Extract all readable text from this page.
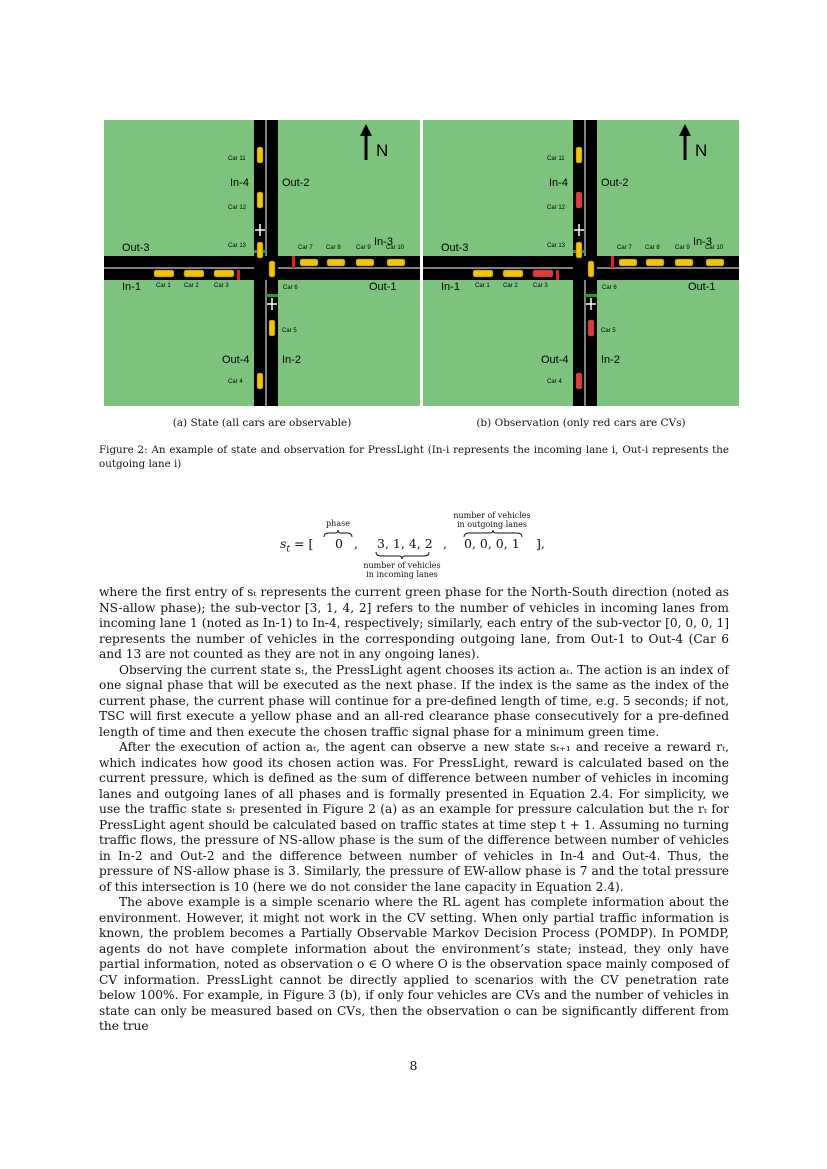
N
In-4	Out-2
Out-3	In-3
In-1	Out-1
Out-4	In-2
Car 11
Car 12
Car 13
Car 6
Car 5
Car 4
Car 1 Car 2	Car 3
Car 7 Car 8	Car 9	Car 10
N
In-4	Out-2
Out-3	In-3
In-1	Out-1
Out-4	In-2
Car 11
Car 12
Car 13
Car 6
Car 5
Car 4
Car 1 Car 2	Car 3
Car 7 Car 8	Car 9	Car 10
(a) State (all cars are observable)	(b) Observation (only red cars are CVs)
Figure 2: An example of state and observation for PressLight (In-i represents the incoming lane i, Out-i represents the outgoing lane i)
phase
number of vehicles
in outgoing lanes
$s_t$ = [ 0 , 3, 1, 4, 2 , 0, 0, 0, 1 ],
number of vehicles
in incoming lanes

where the first entry of sₜ represents the current green phase for the North-South direction (noted as NS-allow phase); the sub-vector [3, 1, 4, 2] refers to the number of vehicles in incoming lanes from incoming lane 1 (noted as In-1) to In-4, respectively; similarly, each entry of the sub-vector [0, 0, 0, 1] represents the number of vehicles in the corresponding outgoing lane, from Out-1 to Out-4 (Car 6 and 13 are not counted as they are not in any ongoing lanes).

Observing the current state sₜ, the PressLight agent chooses its action aₜ. The action is an index of one signal phase that will be executed as the next phase. If the index is the same as the index of the current phase, the current phase will continue for a pre-defined length of time, e.g. 5 seconds; if not, TSC will first execute a yellow phase and an all-red clearance phase consecutively for a pre-defined length of time and then execute the chosen traffic signal phase for a minimum green time.

After the execution of action aₜ, the agent can observe a new state sₜ₊₁ and receive a reward rₜ, which indicates how good its chosen action was. For PressLight, reward is calculated based on the current pressure, which is defined as the sum of difference between number of vehicles in incoming lanes and outgoing lanes of all phases and is formally presented in Equation 2.4. For simplicity, we use the traffic state sₜ presented in Figure 2 (a) as an example for pressure calculation but the rₜ for PressLight agent should be calculated based on traffic states at time step t + 1. Assuming no turning traffic flows, the pressure of NS-allow phase is the sum of the difference between number of vehicles in In-2 and Out-2 and the difference between number of vehicles in In-4 and Out-4. Thus, the pressure of NS-allow phase is 3. Similarly, the pressure of EW-allow phase is 7 and the total pressure of this intersection is 10 (here we do not consider the lane capacity in Equation 2.4).

The above example is a simple scenario where the RL agent has complete information about the environment. However, it might not work in the CV setting. When only partial traffic information is known, the problem becomes a Partially Observable Markov Decision Process (POMDP). In POMDP, agents do not have complete information about the environment’s state; instead, they only have partial information, noted as observation o ∈ O where O is the observation space mainly composed of CV information. PressLight cannot be directly applied to scenarios with the CV penetration rate below 100%. For example, in Figure 3 (b), if only four vehicles are CVs and the number of vehicles in state can only be measured based on CVs, then the observation o can be significantly different from the true

8
